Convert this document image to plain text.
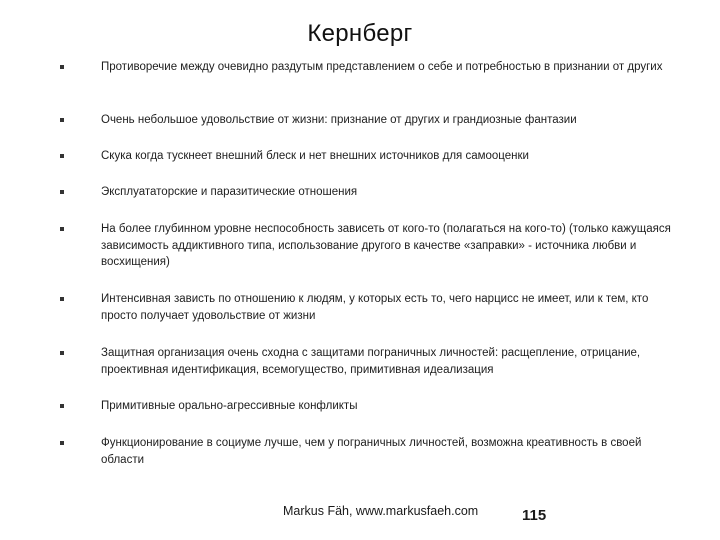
Кернберг
Противоречие между очевидно раздутым представлением о себе и потребностью в признании от других
Очень небольшое удовольствие от жизни: признание от других и грандиозные фантазии
Скука когда тускнеет внешний блеск и нет внешних источников для самооценки
Эксплуататорские и паразитические отношения
На более глубинном уровне неспособность зависеть от кого-то (полагаться на кого-то) (только кажущаяся зависимость аддиктивного типа, использование другого в качестве «заправки» - источника любви и восхищения)
Интенсивная зависть по отношению к людям, у которых есть то, чего нарцисс не имеет, или к тем, кто просто получает удовольствие от жизни
Защитная организация очень сходна с защитами пограничных личностей: расщепление, отрицание, проективная идентификация, всемогущество, примитивная идеализация
Примитивные орально-агрессивные конфликты
Функционирование в социуме лучше, чем у пограничных личностей, возможна креативность в своей области
Markus Fäh, www.markusfaeh.com	115
